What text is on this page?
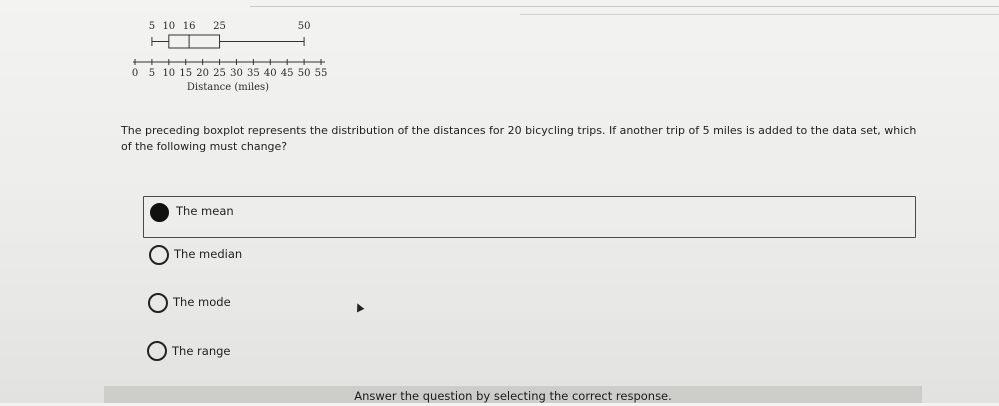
5 10 16 25	50
0 5 10 15 20 25 30 35 40 45 50 55
Distance (miles)
The preceding boxplot represents the distribution of the distances for 20 bicycling trips. If another trip of 5 miles is added to the data set, which of the following must change?
The mean
The median
The mode
The range
Answer the question by selecting the correct response.
